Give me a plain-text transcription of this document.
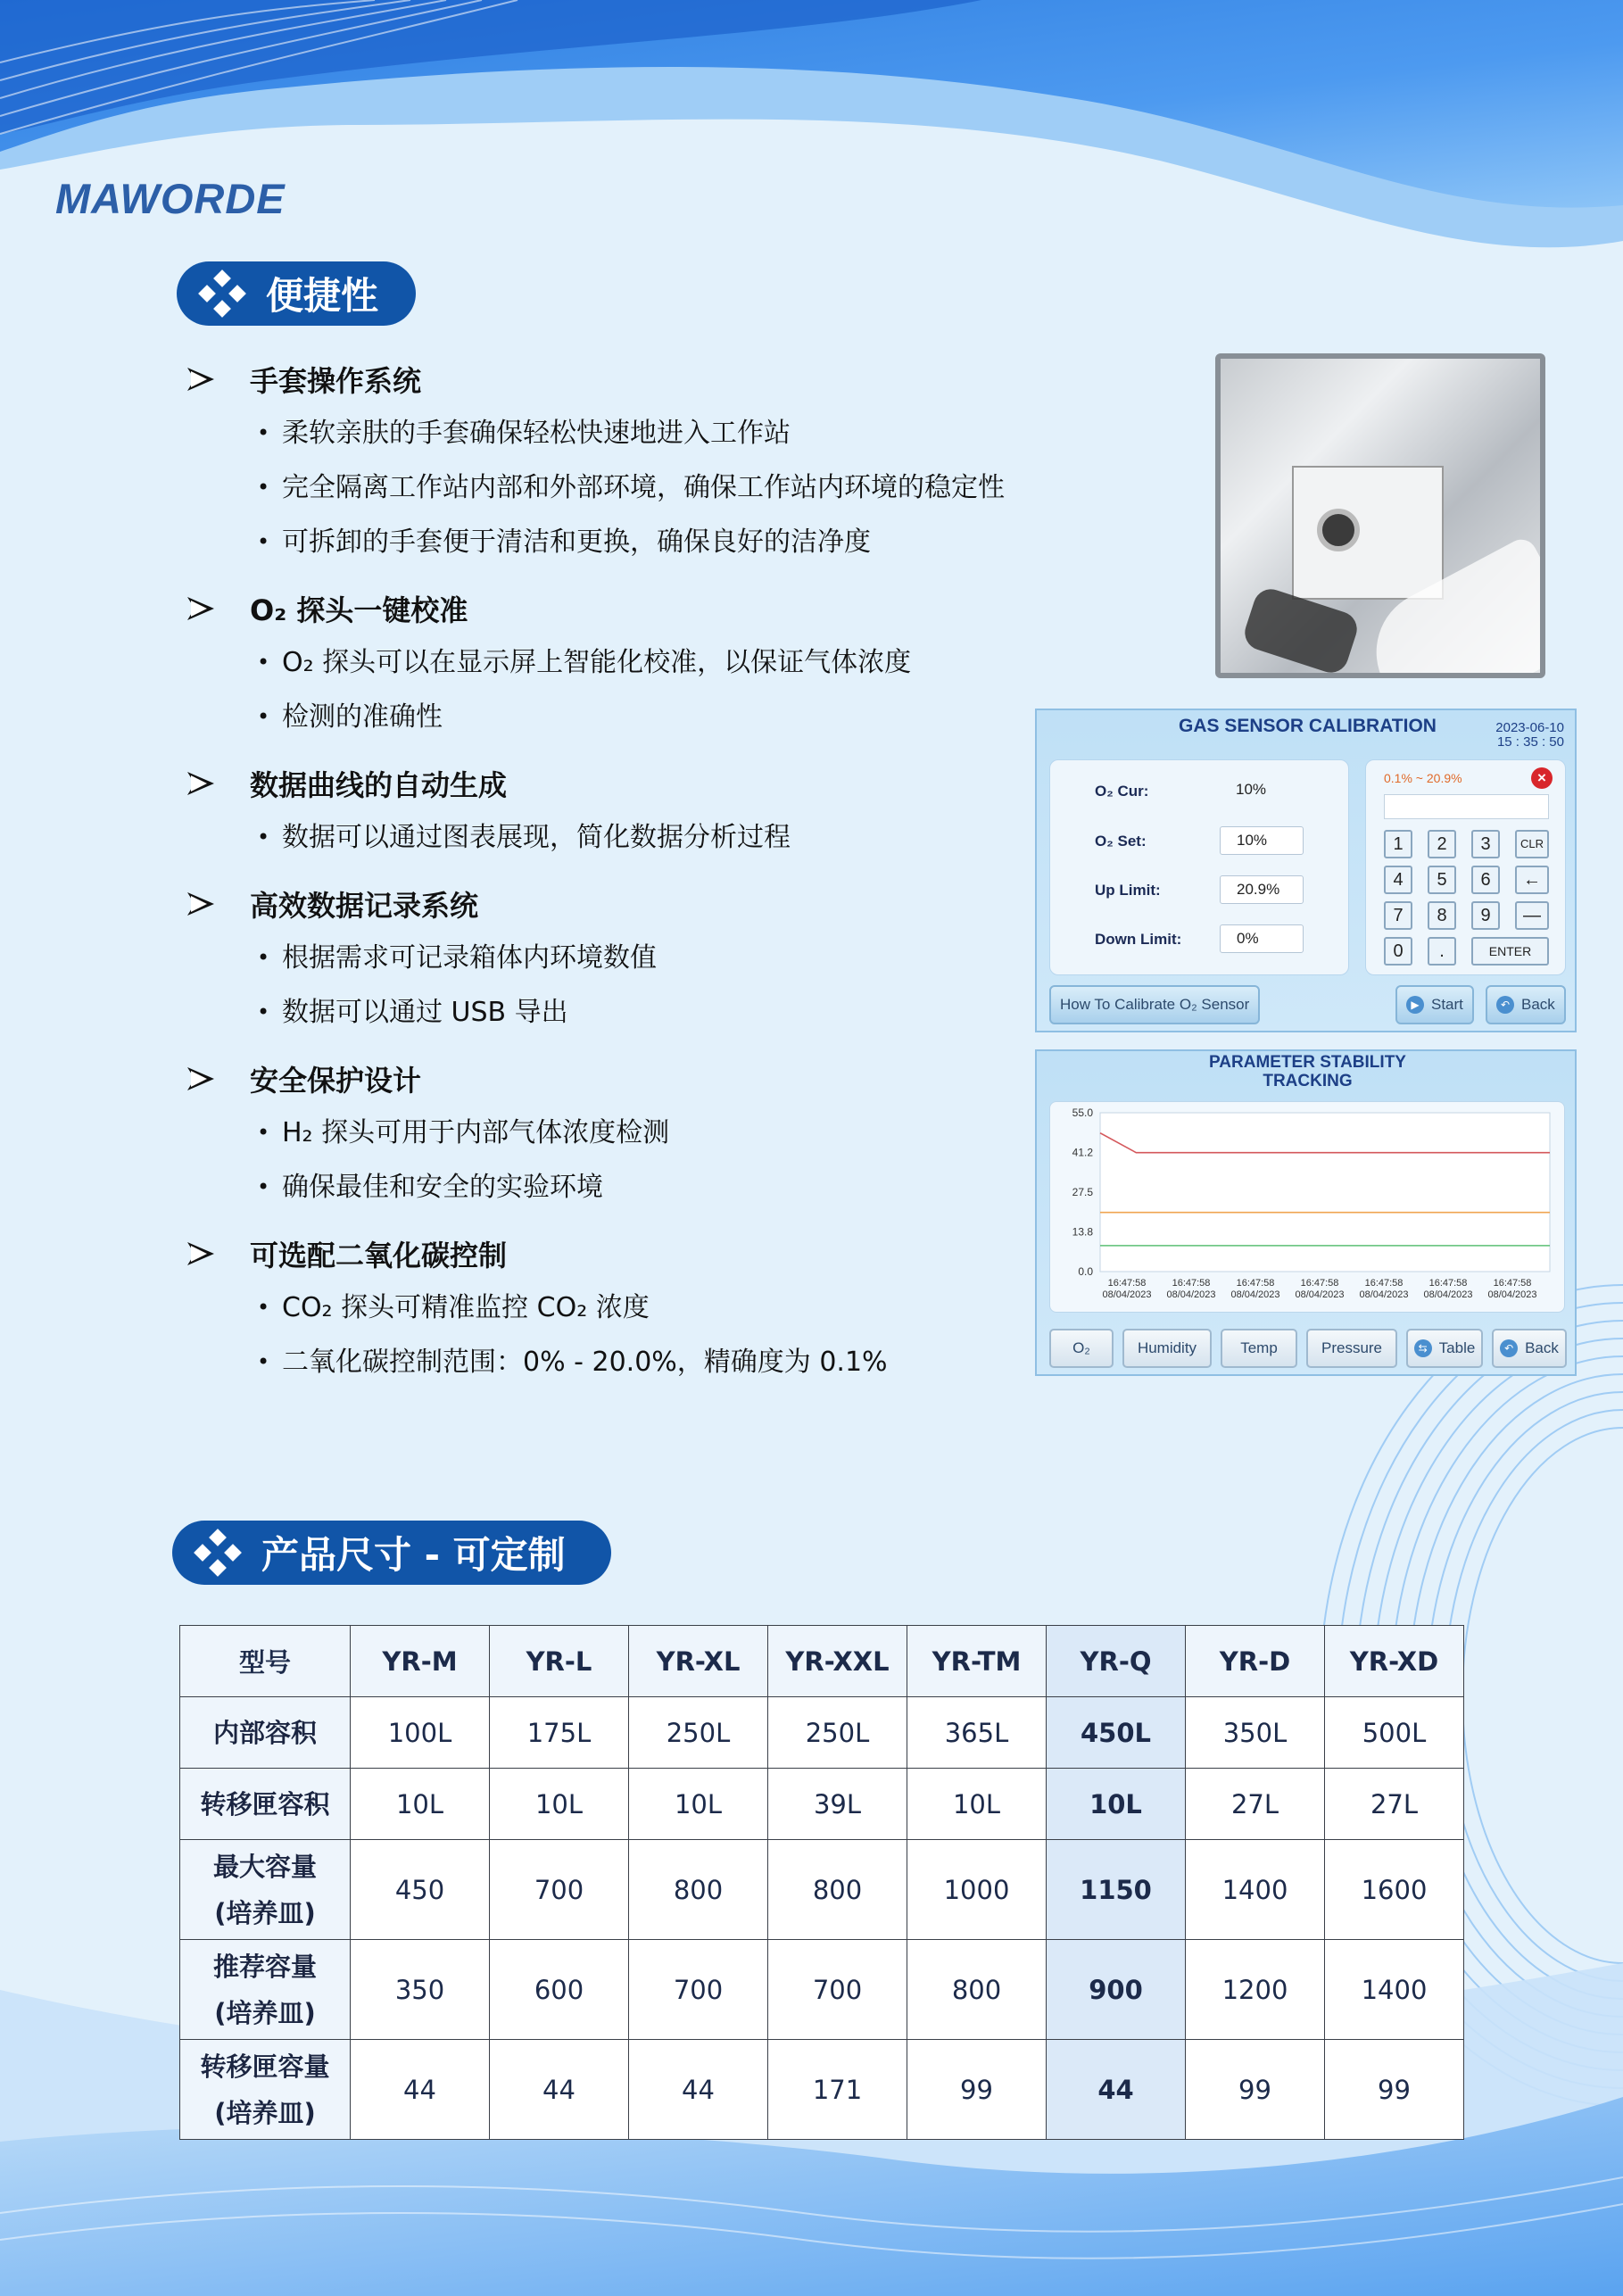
MAWORDE
便捷性
手套操作系统
• 柔软亲肤的手套确保轻松快速地进入工作站
• 完全隔离工作站内部和外部环境，确保工作站内环境的稳定性
• 可拆卸的手套便于清洁和更换，确保良好的洁净度
O₂ 探头一键校准
• O₂ 探头可以在显示屏上智能化校准，以保证气体浓度
• 检测的准确性
数据曲线的自动生成
• 数据可以通过图表展现，简化数据分析过程
高效数据记录系统
• 根据需求可记录箱体内环境数值
• 数据可以通过 USB 导出
安全保护设计
• H₂ 探头可用于内部气体浓度检测
• 确保最佳和安全的实验环境
可选配二氧化碳控制
• CO₂ 探头可精准监控 CO₂ 浓度
• 二氧化碳控制范围：0% - 20.0%，精确度为 0.1%
GAS SENSOR CALIBRATION	2023-06-10
15 : 35 : 50
O₂ Cur:	10%
O₂ Set:	10%
Up Limit:	20.9%
Down Limit:	0%
0.1% ~ 20.9%	×
1	2	3	CLR
4	5	6	←
7	8	9	—
0	.	ENTER
How To Calibrate O₂ Sensor	▶ Start	↶ Back
PARAMETER STABILITY
TRACKING
55.0
41.2
27.5
13.8
0.0
16:47:58
08/04/2023
16:47:58
08/04/2023
16:47:58
08/04/2023
16:47:58
08/04/2023
16:47:58
08/04/2023
16:47:58
08/04/2023
16:47:58
08/04/2023
O₂	Humidity	Temp	Pressure	⇆ Table	↶ Back
产品尺寸 - 可定制
型号	YR-M	YR-L	YR-XL	YR-XXL	YR-TM	YR-Q	YR-D	YR-XD

内部容积	100L	175L	250L	250L	365L	450L	350L	500L

转移匣容积	10L	10L	10L	39L	10L	10L	27L	27L

最大容量
(培养皿)	450	700	800	800	1000	1150	1400	1600

推荐容量
(培养皿)	350	600	700	700	800	900	1200	1400

转移匣容量
(培养皿)	44	44	44	171	99	44	99	99
